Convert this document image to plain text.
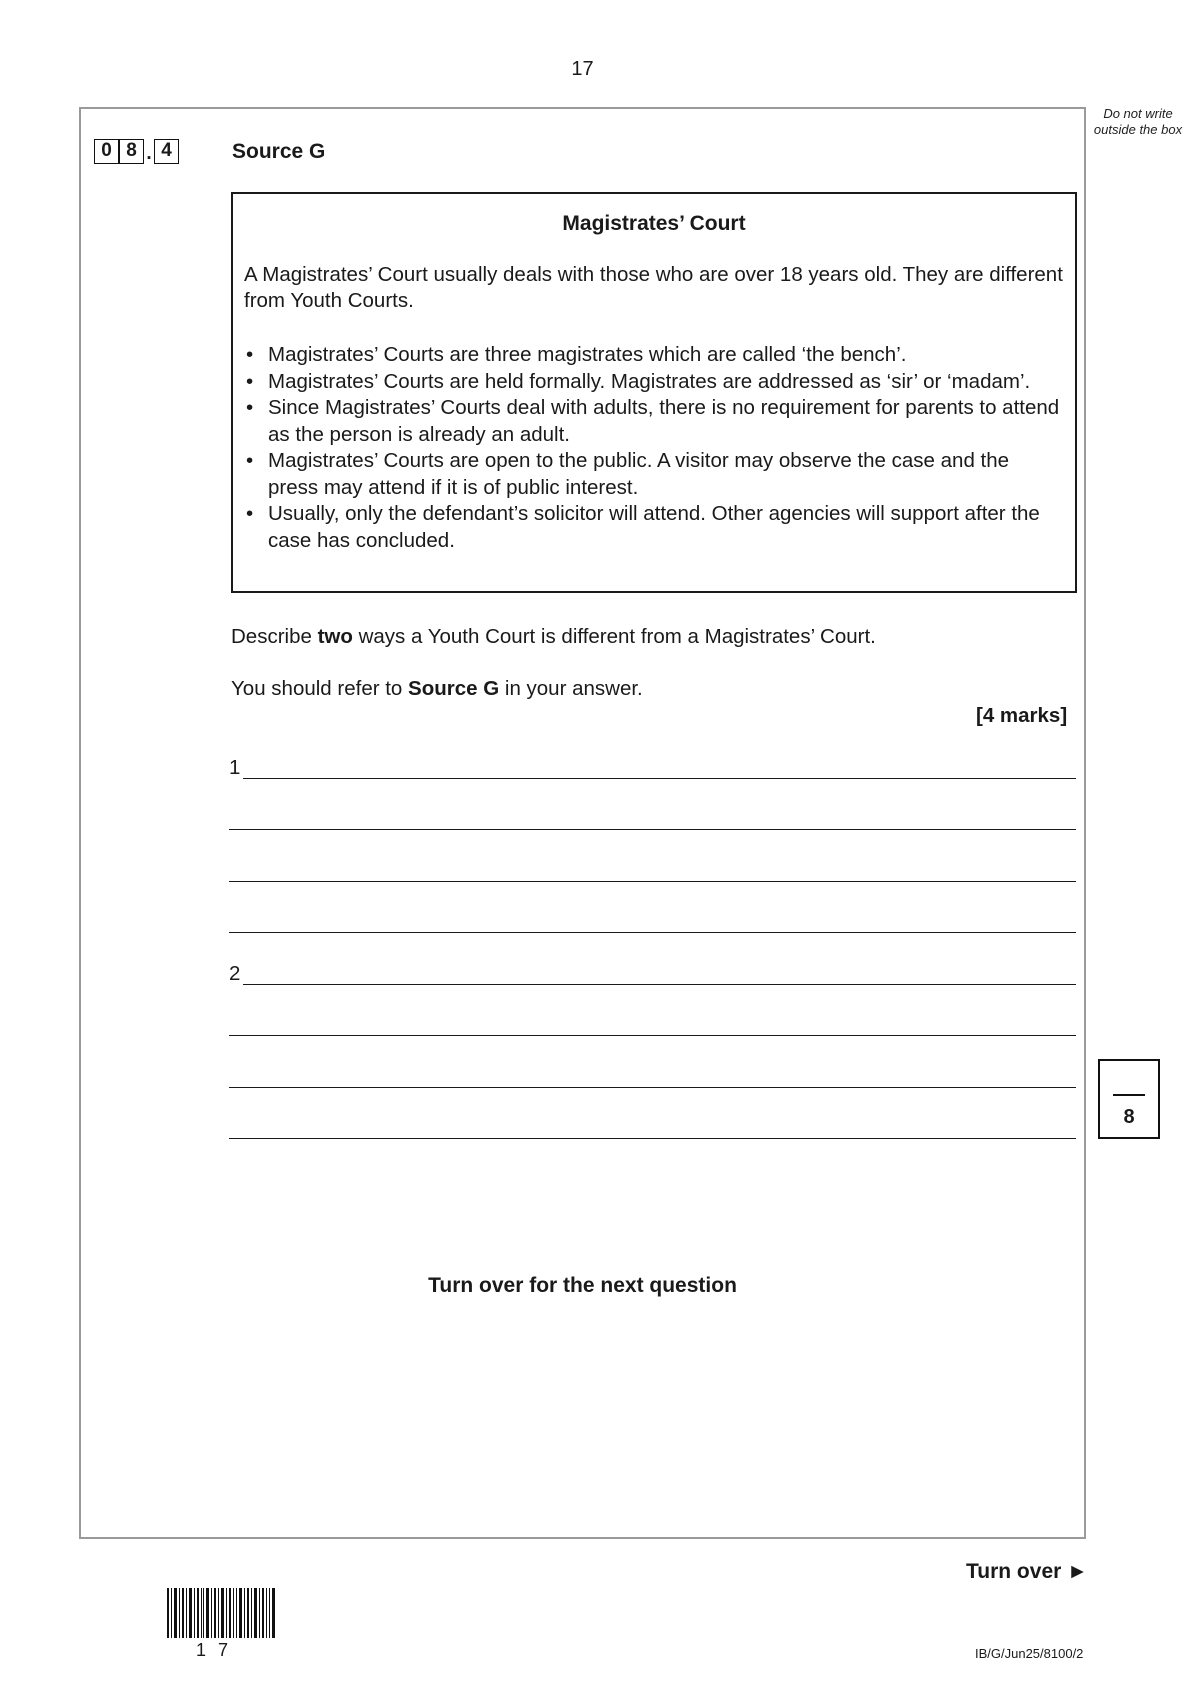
17
Do not write outside the box
0 8 . 4	Source G
Magistrates’ Court
A Magistrates’ Court usually deals with those who are over 18 years old. They are different from Youth Courts.
• Magistrates’ Courts are three magistrates which are called ‘the bench’.
• Magistrates’ Courts are held formally. Magistrates are addressed as ‘sir’ or ‘madam’.
• Since Magistrates’ Courts deal with adults, there is no requirement for parents to attend as the person is already an adult.
• Magistrates’ Courts are open to the public. A visitor may observe the case and the press may attend if it is of public interest.
• Usually, only the defendant’s solicitor will attend. Other agencies will support after the case has concluded.
Describe two ways a Youth Court is different from a Magistrates’ Court.
You should refer to Source G in your answer.
[4 marks]
1
2
8
Turn over for the next question
Turn over ►
17	IB/G/Jun25/8100/2
